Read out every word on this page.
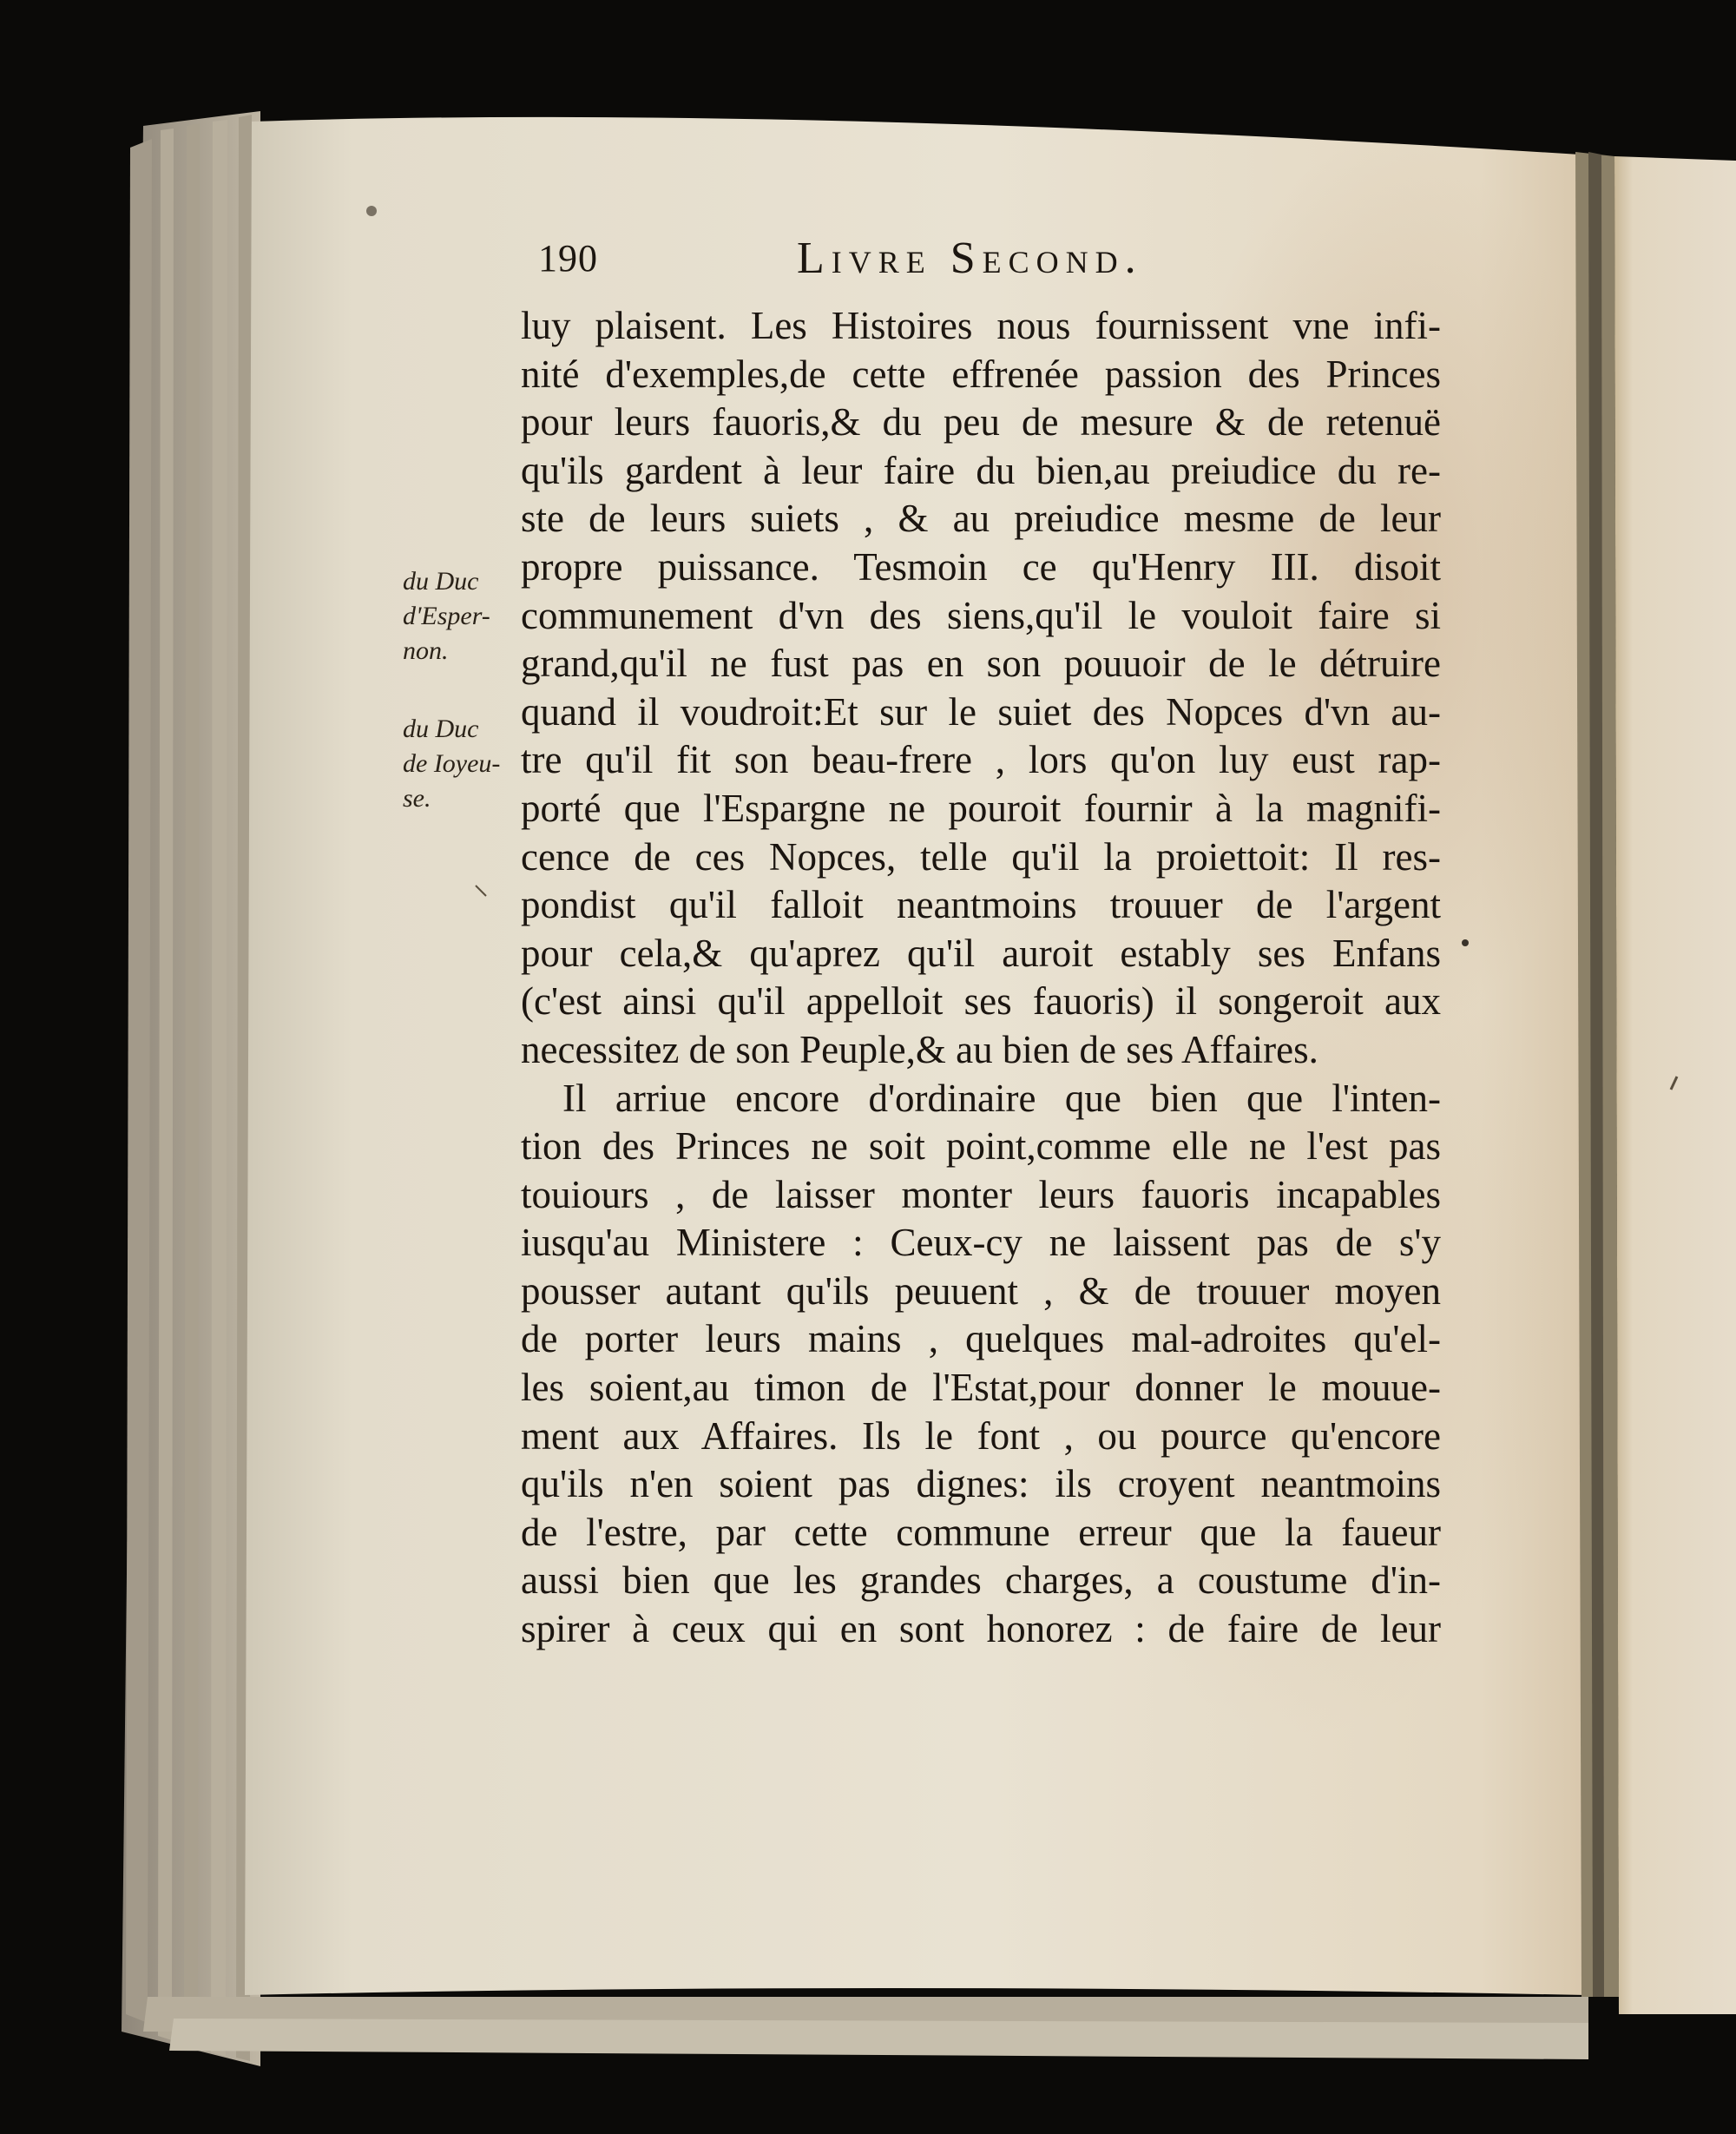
190	Livre Second.
du Duc
d'Esper-
non.
du Duc
de Ioyeu-
se.
luy plaisent. Les Histoires nous fournissent vne infi-
nité d'exemples,de cette effrenée passion des Princes
pour leurs fauoris,& du peu de mesure & de retenuë
qu'ils gardent à leur faire du bien,au preiudice du re-
ste de leurs suiets , & au preiudice mesme de leur
propre puissance. Tesmoin ce qu'Henry III. disoit
communement d'vn des siens,qu'il le vouloit faire si
grand,qu'il ne fust pas en son pouuoir de le détruire
quand il voudroit:Et sur le suiet des Nopces d'vn au-
tre qu'il fit son beau-frere , lors qu'on luy eust rap-
porté que l'Espargne ne pouroit fournir à la magnifi-
cence de ces Nopces, telle qu'il la proiettoit: Il res-
pondist qu'il falloit neantmoins trouuer de l'argent
pour cela,& qu'aprez qu'il auroit estably ses Enfans
(c'est ainsi qu'il appelloit ses fauoris) il songeroit aux
necessitez de son Peuple,& au bien de ses Affaires.
Il arriue encore d'ordinaire que bien que l'inten-
tion des Princes ne soit point,comme elle ne l'est pas
touiours , de laisser monter leurs fauoris incapables
iusqu'au Ministere : Ceux-cy ne laissent pas de s'y
pousser autant qu'ils peuuent , & de trouuer moyen
de porter leurs mains , quelques mal-adroites qu'el-
les soient,au timon de l'Estat,pour donner le mouue-
ment aux Affaires. Ils le font , ou pource qu'encore
qu'ils n'en soient pas dignes: ils croyent neantmoins
de l'estre, par cette commune erreur que la faueur
aussi bien que les grandes charges, a coustume d'in-
spirer à ceux qui en sont honorez : de faire de leur
